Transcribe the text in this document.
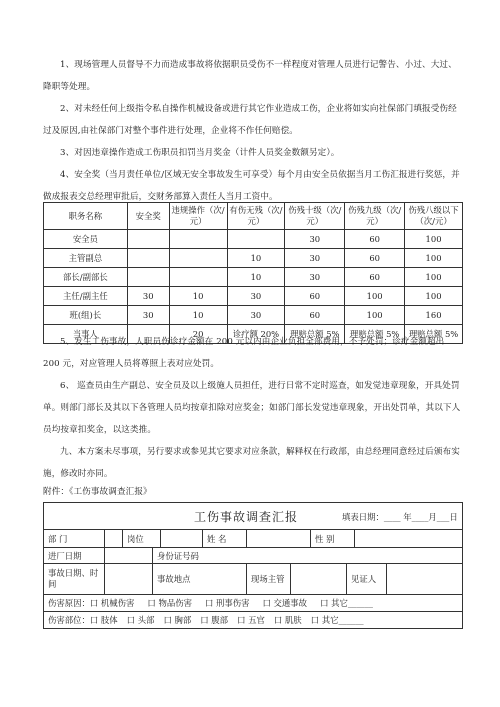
1、现场管理人员督导不力而造成事故将依据职员受伤不一样程度对管理人员进行记警告、小过、大过、降职等处理。
2、对未经任何上级指令私自操作机械设备或进行其它作业造成工伤，企业将如实向社保部门填报受伤经过及原因,由社保部门对整个事件进行处理，企业将不作任何赔偿。
3、对因违章操作造成工伤职员扣罚当月奖金（计件人员奖金数额另定）。
4、安全奖（当月责任单位/区域无安全事故发生可享受）每个月由安全员依据当月工伤汇报进行奖惩，并做成报表交总经理审批后，交财务部算入责任人当月工资中。
职务名称	安全奖	违规操作（次/元）	有伤无残（次/元）	伤残十级（次/元）	伤残九级（次/元）	伤残八级以下（次/元）
安全员				30	60	100
主管副总			10	30	60	100
部长/副部长			10	30	60	100
主任/副主任	30	10	30	60	100	100
班(组)长	30	10	30	60	100	160
当事人		20	诊疗额 20%	理赔总额 5%	理赔总额 5%	理赔总额 5%
5、发生工伤事故，人职员伤诊疗金额在 200 元以内由企业负担全部费用，不予处罚；诊疗金额超出 200 元，对应管理人员将尊照上表对应处罚。
6、 巡查员由生产副总、安全员及以上级施人员担任，进行日常不定时巡查，如发觉违章现象，开具处罚单。则部门部长及其以下各管理人员均按章扣除对应奖金；如部门部长发觉违章现象，开出处罚单，其以下人员均按章扣奖金，以这类推。
九、本方案未尽事项，另行要求或参见其它要求对应条款，解释权在行政部，由总经理同意经过后颁布实施，修改时亦同。
附件：《工伤事故调查汇报》
工伤事故调查汇报	填表日期：____ 年____月___日
部 门	岗位	姓 名	性 别
进厂日期	身份证号码
事故日期、时间	事故地点	现场主管	见证人
伤害原因： 口 机械伤害 口 物品伤害 口 刑事伤害 口 交通事故 口 其它______
伤害部位： 口 肢体 口 头部 口 胸部 口 腹部 口 五官 口 肌肤 口 其它______
